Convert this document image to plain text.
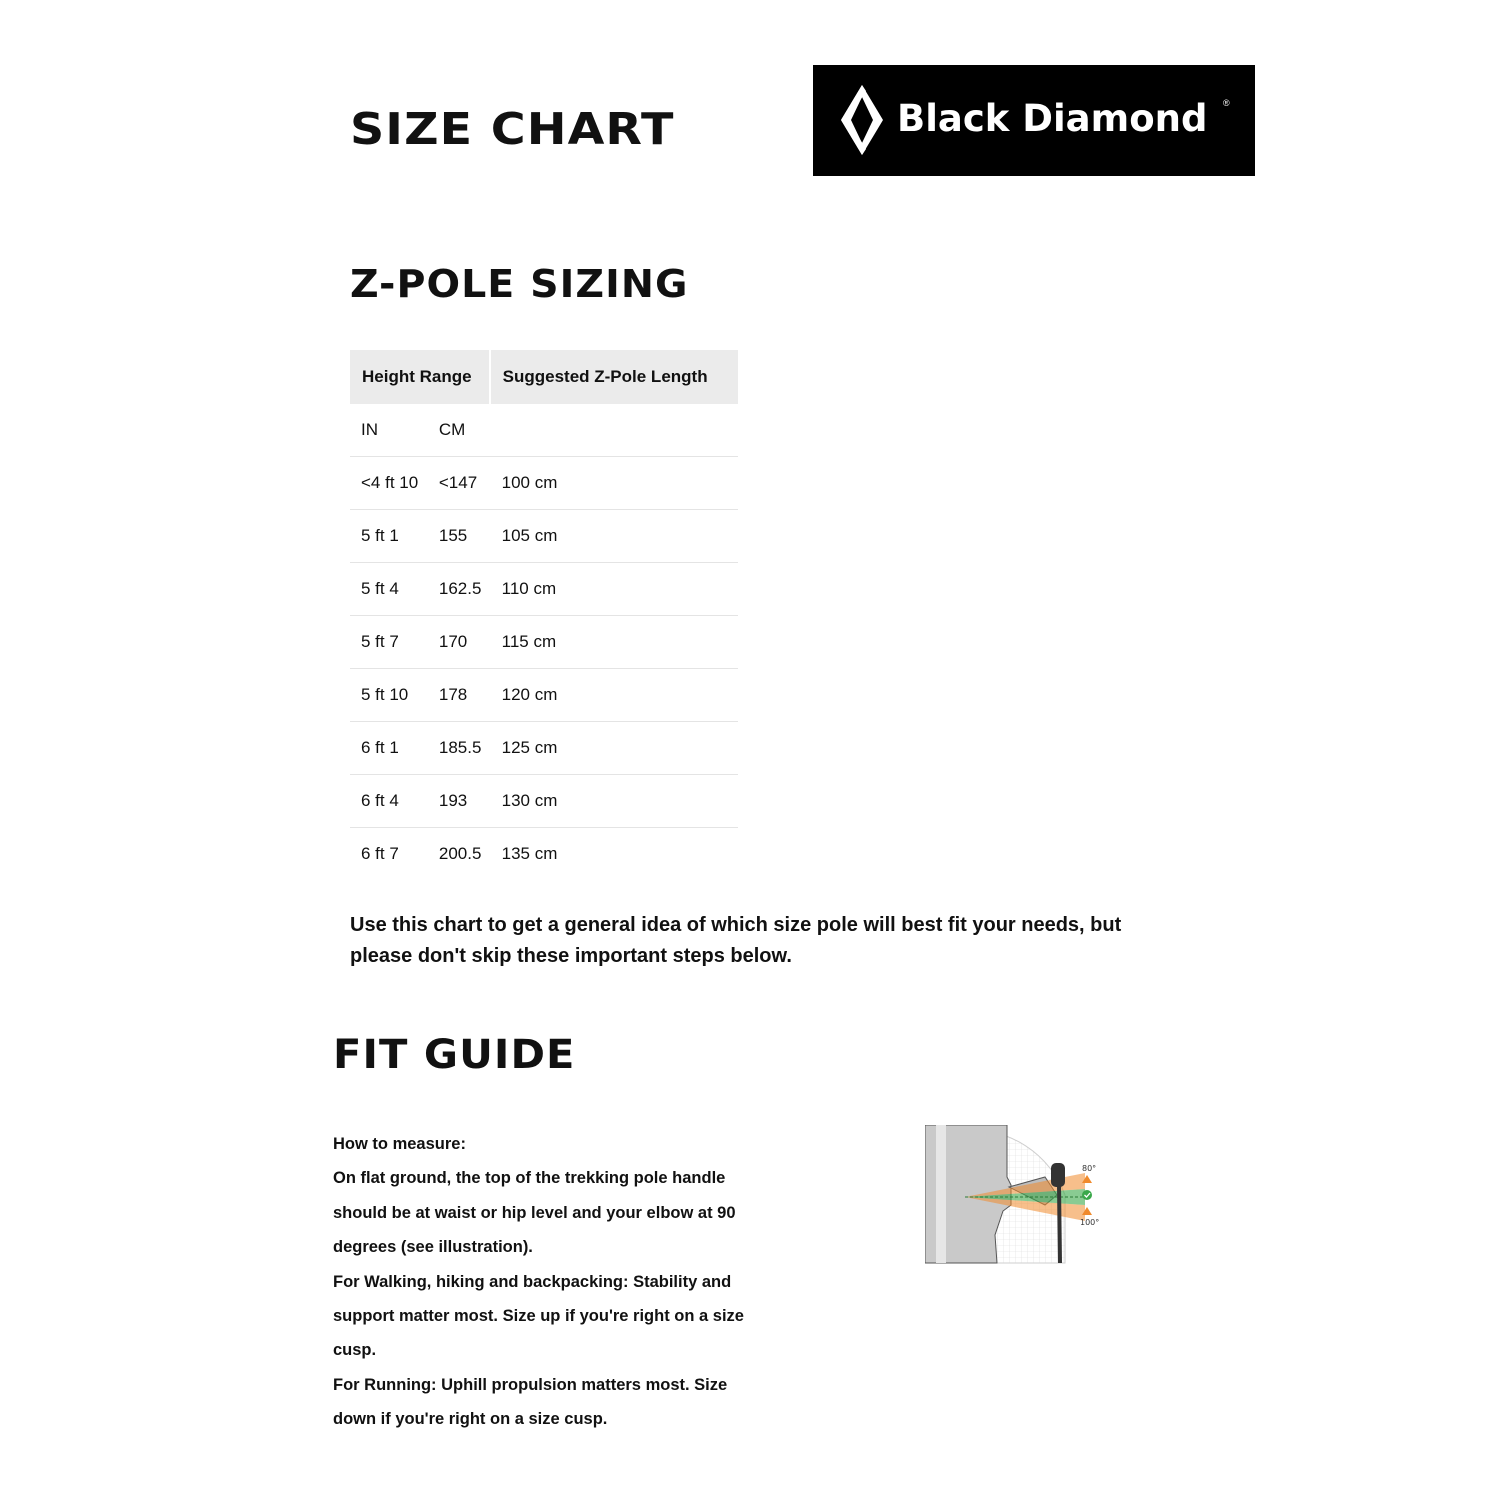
SIZE CHART	Black Diamond ®
Z-POLE SIZING
Height Range		Suggested Z-Pole Length
IN	CM	
<4 ft 10	<147	100 cm
5 ft 1	155	105 cm
5 ft 4	162.5	110 cm
5 ft 7	170	115 cm
5 ft 10	178	120 cm
6 ft 1	185.5	125 cm
6 ft 4	193	130 cm
6 ft 7	200.5	135 cm
Use this chart to get a general idea of which size pole will best fit your needs, but
please don't skip these important steps below.
FIT GUIDE

How to measure:

On flat ground, the top of the trekking pole handle

should be at waist or hip level and your elbow at 90

degrees (see illustration).

For Walking, hiking and backpacking: Stability and

support matter most. Size up if you're right on a size

cusp.

For Running: Uphill propulsion matters most. Size

down if you're right on a size cusp.

80°
100°
